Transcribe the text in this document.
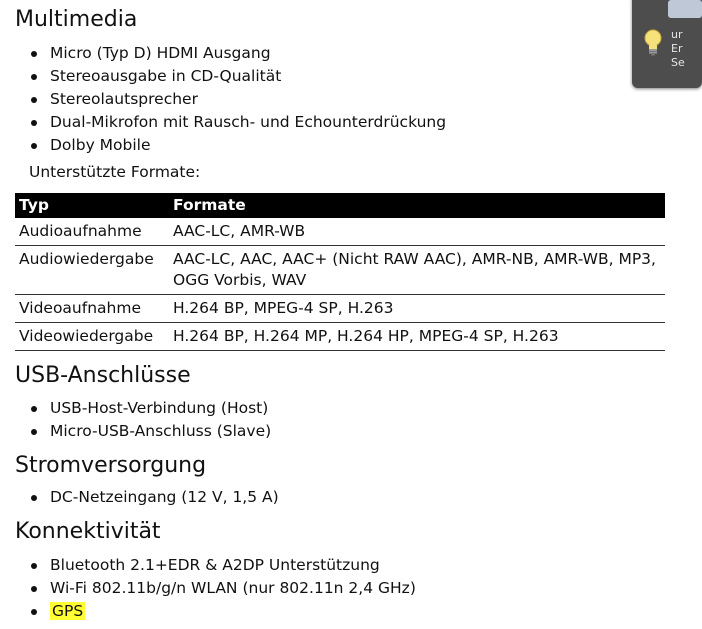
Multimedia
Micro (Typ D) HDMI Ausgang
Stereoausgabe in CD-Qualität
Stereolautsprecher
Dual-Mikrofon mit Rausch- und Echounterdrückung
Dolby Mobile
Unterstützte Formate:
Typ	Formate
Audioaufnahme	AAC-LC, AMR-WB
Audiowiedergabe	AAC-LC, AAC, AAC+ (Nicht RAW AAC), AMR-NB, AMR-WB, MP3, OGG Vorbis, WAV
Videoaufnahme	H.264 BP, MPEG-4 SP, H.263
Videowiedergabe	H.264 BP, H.264 MP, H.264 HP, MPEG-4 SP, H.263
USB-Anschlüsse
USB-Host-Verbindung (Host)
Micro-USB-Anschluss (Slave)
Stromversorgung
DC-Netzeingang (12 V, 1,5 A)
Konnektivität
Bluetooth 2.1+EDR & A2DP Unterstützung
Wi-Fi 802.11b/g/n WLAN (nur 802.11n 2,4 GHz)
GPS
ur
Er
Se
